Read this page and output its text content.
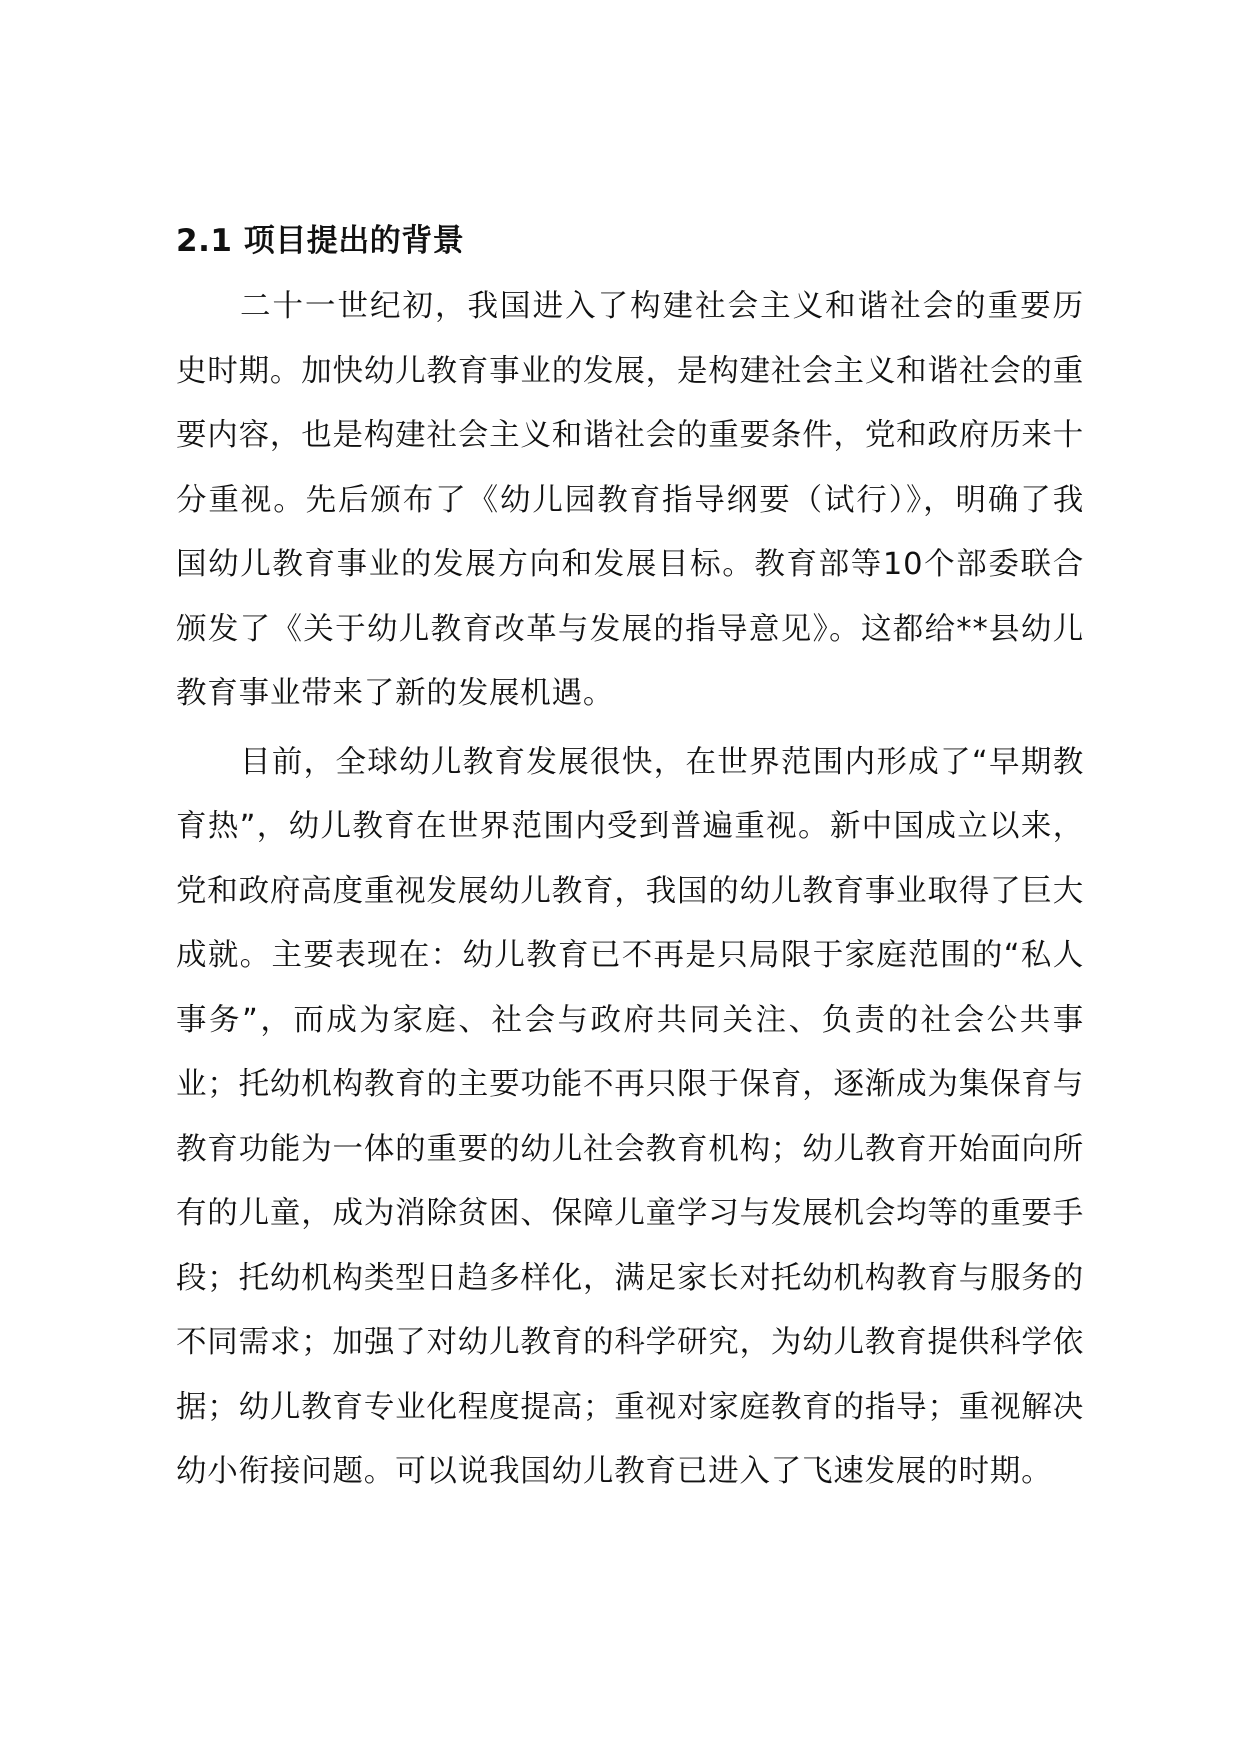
2.1 项目提出的背景

二十一世纪初，我国进入了构建社会主义和谐社会的重要历史时期。加快幼儿教育事业的发展，是构建社会主义和谐社会的重要内容，也是构建社会主义和谐社会的重要条件，党和政府历来十分重视。先后颁布了《幼儿园教育指导纲要（试行）》，明确了我国幼儿教育事业的发展方向和发展目标。教育部等10个部委联合颁发了《关于幼儿教育改革与发展的指导意见》。这都给**县幼儿教育事业带来了新的发展机遇。

目前，全球幼儿教育发展很快，在世界范围内形成了“早期教育热”，幼儿教育在世界范围内受到普遍重视。新中国成立以来，党和政府高度重视发展幼儿教育，我国的幼儿教育事业取得了巨大成就。主要表现在：幼儿教育已不再是只局限于家庭范围的“私人事务”，而成为家庭、社会与政府共同关注、负责的社会公共事业；托幼机构教育的主要功能不再只限于保育，逐渐成为集保育与教育功能为一体的重要的幼儿社会教育机构；幼儿教育开始面向所有的儿童，成为消除贫困、保障儿童学习与发展机会均等的重要手段；托幼机构类型日趋多样化，满足家长对托幼机构教育与服务的不同需求；加强了对幼儿教育的科学研究，为幼儿教育提供科学依据；幼儿教育专业化程度提高；重视对家庭教育的指导；重视解决幼小衔接问题。可以说我国幼儿教育已进入了飞速发展的时期。
